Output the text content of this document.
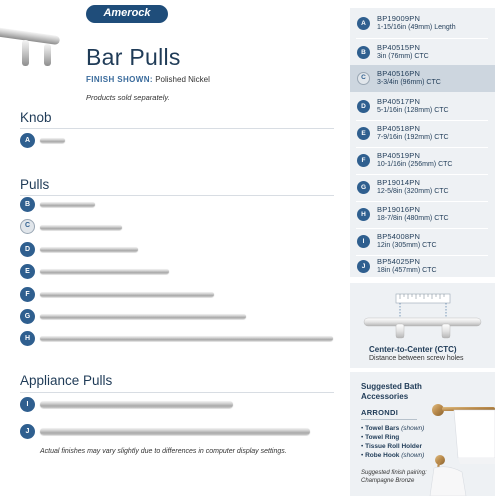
Amerock
Bar Pulls
FINISH SHOWN: Polished Nickel
Products sold separately.
Knob
A
Pulls
B
C
D
E
F
G
H
Appliance Pulls
I
J
Actual finishes may vary slightly due to differences in computer display settings.
A
BP19009PN
1-15/16in (49mm) Length
B
BP40515PN
3in (76mm) CTC
C	BP40516PN
3-3/4in (96mm) CTC
D
BP40517PN
5-1/16in (128mm) CTC
E
BP40518PN
7-9/16in (192mm) CTC
F
BP40519PN
10-1/16in (256mm) CTC
G
BP19014PN
12-5/8in (320mm) CTC
H
BP19016PN
18-7/8in (480mm) CTC
I
BP54008PN
12in (305mm) CTC
J
BP54025PN
18in (457mm) CTC
Center-to-Center (CTC)
Distance between screw holes
Suggested Bath Accessories
ARRONDI
• Towel Bars (shown)
• Towel Ring
• Tissue Roll Holder
• Robe Hook (shown)
Suggested finish pairing:
Champagne Bronze
